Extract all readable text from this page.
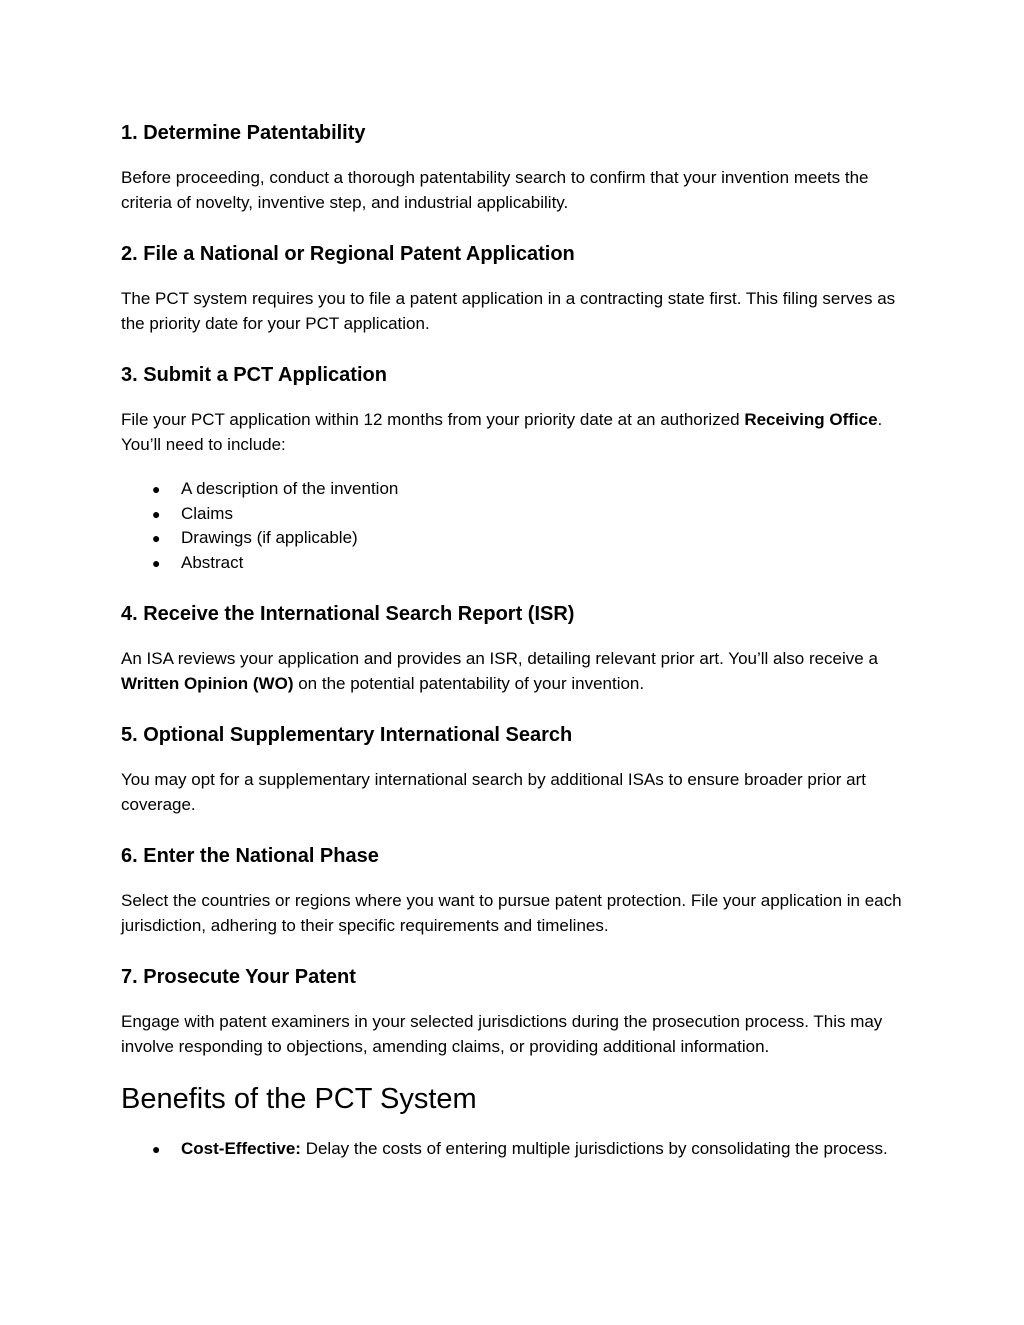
1. Determine Patentability

Before proceeding, conduct a thorough patentability search to confirm that your invention meets the criteria of novelty, inventive step, and industrial applicability.

2. File a National or Regional Patent Application

The PCT system requires you to file a patent application in a contracting state first. This filing serves as the priority date for your PCT application.

3. Submit a PCT Application

File your PCT application within 12 months from your priority date at an authorized Receiving Office. You’ll need to include:

● A description of the invention
● Claims
● Drawings (if applicable)
● Abstract
4. Receive the International Search Report (ISR)

An ISA reviews your application and provides an ISR, detailing relevant prior art. You’ll also receive a Written Opinion (WO) on the potential patentability of your invention.

5. Optional Supplementary International Search

You may opt for a supplementary international search by additional ISAs to ensure broader prior art coverage.

6. Enter the National Phase

Select the countries or regions where you want to pursue patent protection. File your application in each jurisdiction, adhering to their specific requirements and timelines.

7. Prosecute Your Patent

Engage with patent examiners in your selected jurisdictions during the prosecution process. This may involve responding to objections, amending claims, or providing additional information.

Benefits of the PCT System
● Cost-Effective: Delay the costs of entering multiple jurisdictions by consolidating the process.
